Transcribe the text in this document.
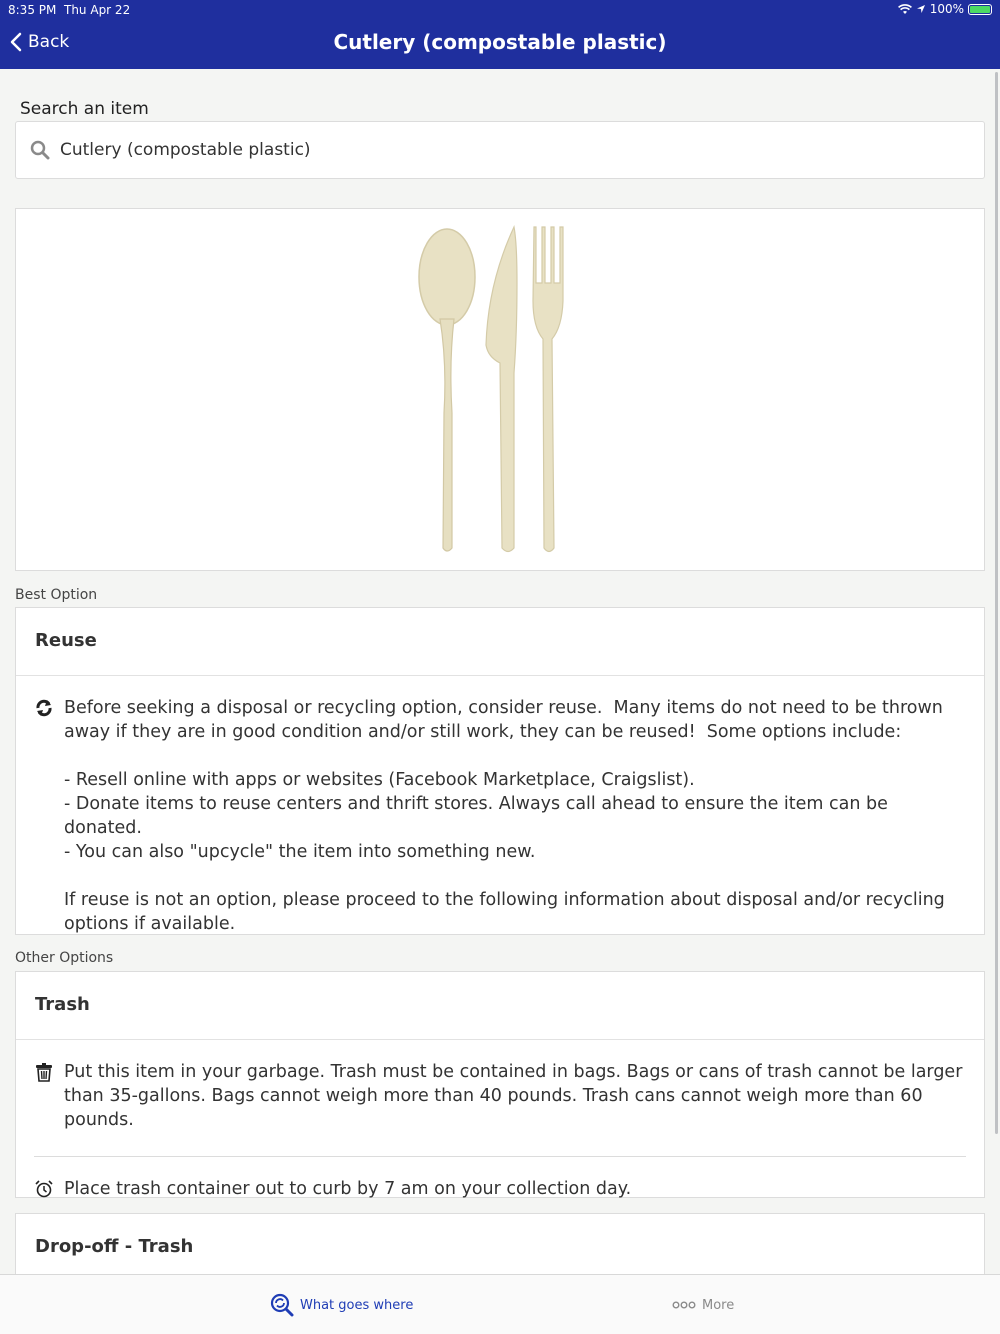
8:35 PM Thu Apr 22	100%
Back	Cutlery (compostable plastic)
Search an item
Cutlery (compostable plastic)
Best Option
Reuse
Before seeking a disposal or recycling option, consider reuse.  Many items do not need to be thrown away if they are in good condition and/or still work, they can be reused!  Some options include:
- Resell online with apps or websites (Facebook Marketplace, Craigslist).
- Donate items to reuse centers and thrift stores. Always call ahead to ensure the item can be donated.
- You can also "upcycle" the item into something new.
If reuse is not an option, please proceed to the following information about disposal and/or recycling options if available.
Other Options
Trash
Put this item in your garbage. Trash must be contained in bags. Bags or cans of trash cannot be larger than 35-gallons. Bags cannot weigh more than 40 pounds. Trash cans cannot weigh more than 60 pounds.
Place trash container out to curb by 7 am on your collection day.
Drop-off - Trash
What goes where	More
